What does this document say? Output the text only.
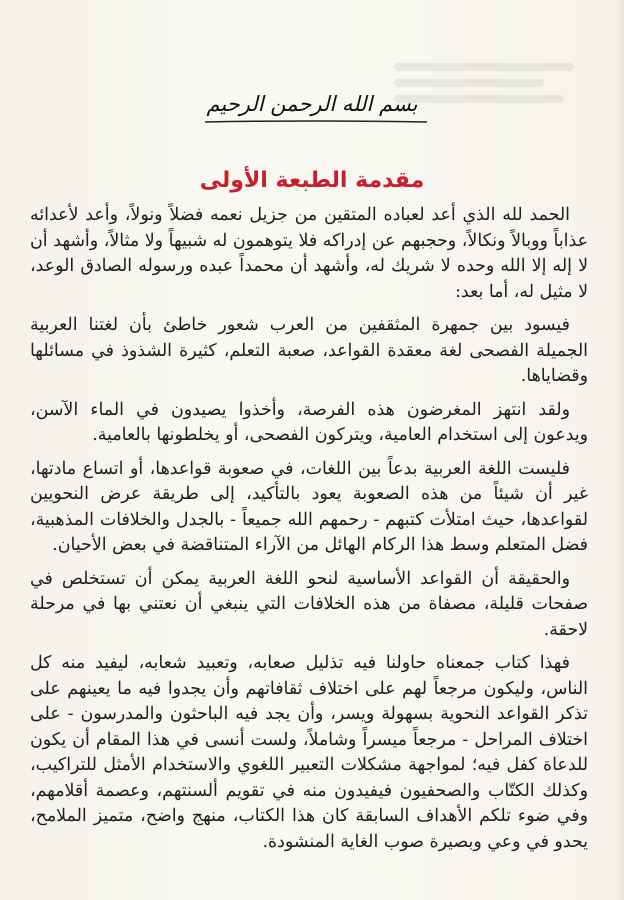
بسم الله الرحمن الرحيم
مقدمة الطبعة الأولى

الحمد لله الذي أعد لعباده المتقين من جزيل نعمه فضلاً ونولاً، وأعد لأعدائه عذاباً ووبالاً ونكالاً، وحجبهم عن إدراكه فلا يتوهمون له شبيهاً ولا مثالاً، وأشهد أن لا إله إلا الله وحده لا شريك له، وأشهد أن محمداً عبده ورسوله الصادق الوعد، لا مثيل له، أما بعد:

فيسود بين جمهرة المثقفين من العرب شعور خاطئ بأن لغتنا العربية الجميلة الفصحى لغة معقدة القواعد، صعبة التعلم، كثيرة الشذوذ في مسائلها وقضاياها.

ولقد انتهز المغرضون هذه الفرصة، وأخذوا يصيدون في الماء الآسن، ويدعون إلى استخدام العامية، ويتركون الفصحى، أو يخلطونها بالعامية.

فليست اللغة العربية بدعاً بين اللغات، في صعوبة قواعدها، أو اتساع مادتها، غير أن شيئاً من هذه الصعوبة يعود بالتأكيد، إلى طريقة عرض النحويين لقواعدها، حيث امتلأت كتبهم - رحمهم الله جميعاً - بالجدل والخلافات المذهبية، فضل المتعلم وسط هذا الركام الهائل من الآراء المتناقضة في بعض الأحيان.

والحقيقة أن القواعد الأساسية لنحو اللغة العربية يمكن أن تستخلص في صفحات قليلة، مصفاة من هذه الخلافات التي ينبغي أن نعتني بها في مرحلة لاحقة.

فهذا كتاب جمعناه حاولنا فيه تذليل صعابه، وتعبيد شعابه، ليفيد منه كل الناس، وليكون مرجعاً لهم على اختلاف ثقافاتهم وأن يجدوا فيه ما يعينهم على تذكر القواعد النحوية بسهولة ويسر، وأن يجد فيه الباحثون والمدرسون - على اختلاف المراحل - مرجعاً ميسراً وشاملاً، ولست أنسى في هذا المقام أن يكون للدعاة كفل فيه؛ لمواجهة مشكلات التعبير اللغوي والاستخدام الأمثل للتراكيب، وكذلك الكتّاب والصحفيون فيفيدون منه في تقويم ألسنتهم، وعصمة أقلامهم، وفي ضوء تلكم الأهداف السابقة كان هذا الكتاب، منهج واضح، متميز الملامح، يحدو في وعي وبصيرة صوب الغاية المنشودة.
